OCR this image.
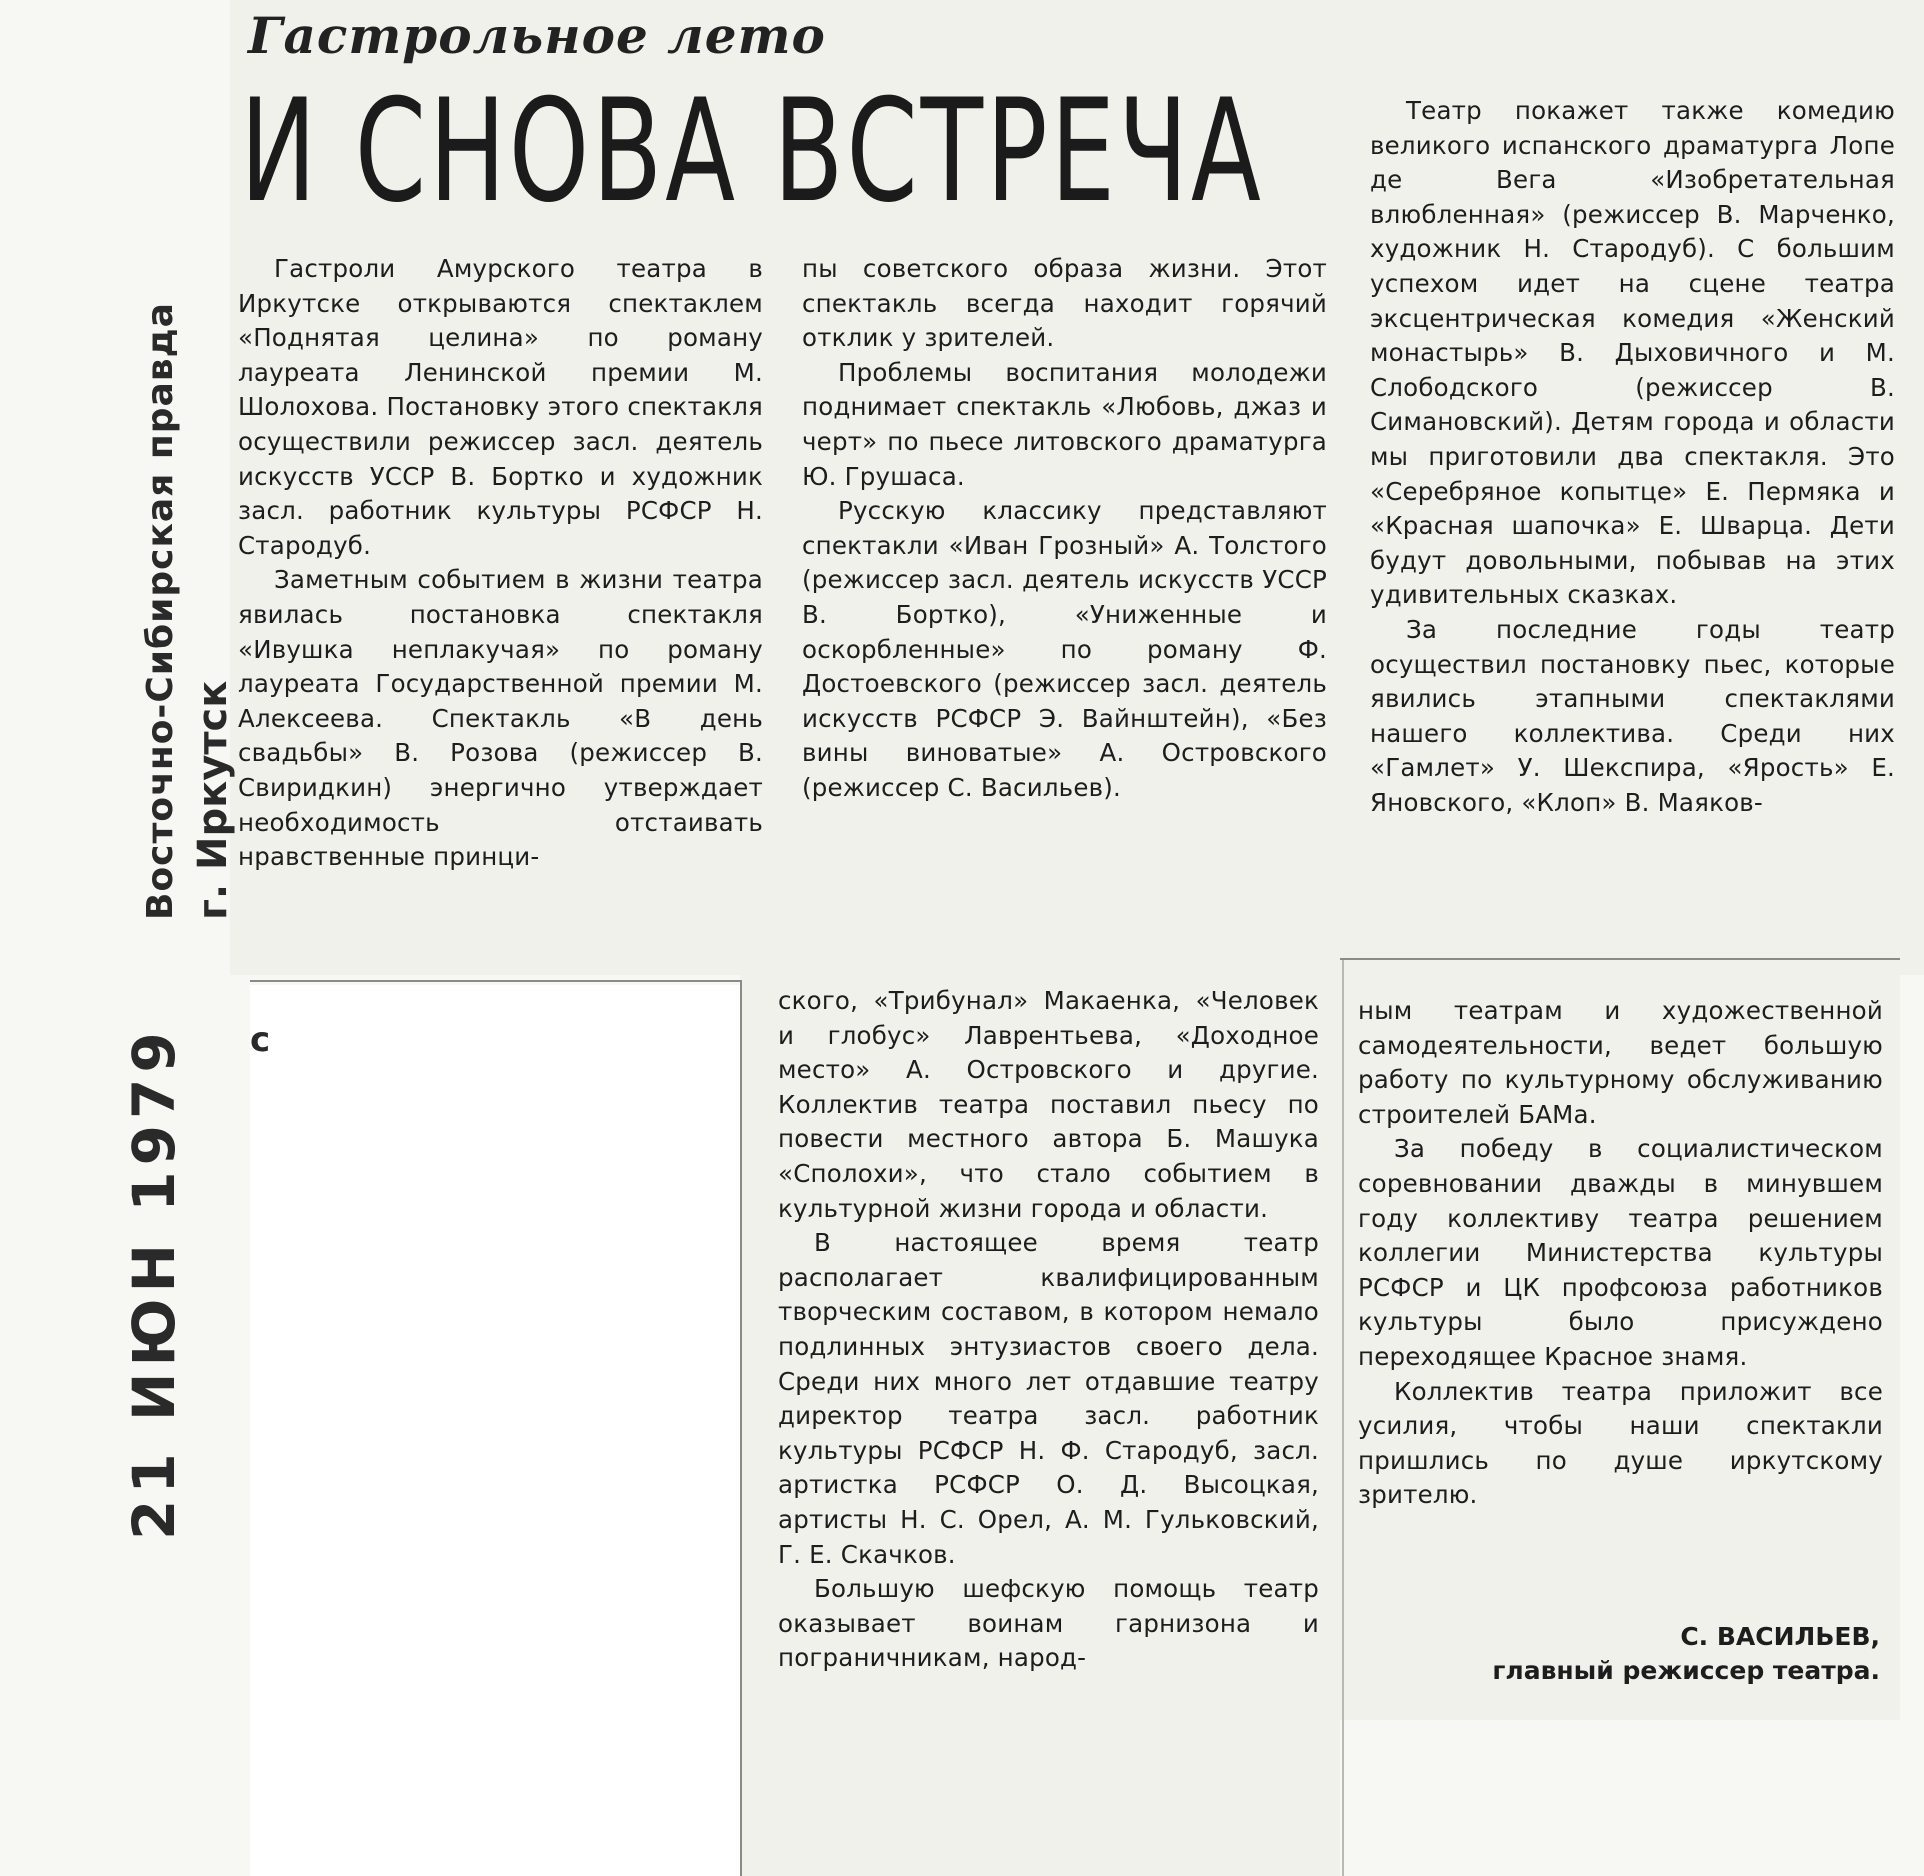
Гастрольное лето
И СНОВА ВСТРЕЧА

Гастроли Амурского театра в Иркутске открываются спектаклем «Поднятая целина» по роману лауреата Ленинской премии М. Шолохова. Постановку этого спектакля осуществили режиссер засл. деятель искусств УССР В. Бортко и художник засл. работник культуры РСФСР Н. Стародуб.

Заметным событием в жизни театра явилась постановка спектакля «Ивушка неплакучая» по роману лауреата Государственной премии М. Алексеева. Спектакль «В день свадьбы» В. Розова (режиссер В. Свиридкин) энергично утверждает необходимость отстаивать нравственные принци-

пы советского образа жизни. Этот спектакль всегда находит горячий отклик у зрителей.

Проблемы воспитания молодежи поднимает спектакль «Любовь, джаз и черт» по пьесе литовского драматурга Ю. Грушаса.

Русскую классику представляют спектакли «Иван Грозный» А. Толстого (режиссер засл. деятель искусств УССР В. Бортко), «Униженные и оскорбленные» по роману Ф. Достоевского (режиссер засл. деятель искусств РСФСР Э. Вайнштейн), «Без вины виноватые» А. Островского (режиссер С. Васильев).

Театр покажет также комедию великого испанского драматурга Лопе де Вега «Изобретательная влюбленная» (режиссер В. Марченко, художник Н. Стародуб). С большим успехом идет на сцене театра эксцентрическая комедия «Женский монастырь» В. Дыховичного и М. Слободского (режиссер В. Симановский). Детям города и области мы приготовили два спектакля. Это «Серебряное копытце» Е. Пермяка и «Красная шапочка» Е. Шварца. Дети будут довольными, побывав на этих удивительных сказках.

За последние годы театр осуществил постановку пьес, которые явились этапными спектаклями нашего коллектива. Среди них «Гамлет» У. Шекспира, «Ярость» Е. Яновского, «Клоп» В. Маяков-

ского, «Трибунал» Макаенка, «Человек и глобус» Лаврентьева, «Доходное место» А. Островского и другие. Коллектив театра поставил пьесу по повести местного автора Б. Машука «Сполохи», что стало событием в культурной жизни города и области.

В настоящее время театр располагает квалифицированным творческим составом, в котором немало подлинных энтузиастов своего дела. Среди них много лет отдавшие театру директор театра засл. работник культуры РСФСР Н. Ф. Стародуб, засл. артистка РСФСР О. Д. Высоцкая, артисты Н. С. Орел, А. М. Гульковский, Г. Е. Скачков.

Большую шефскую помощь театр оказывает воинам гарнизона и пограничникам, народ-

ным театрам и художественной самодеятельности, ведет большую работу по культурному обслуживанию строителей БАМа.

За победу в социалистическом соревновании дважды в минувшем году коллективу театра решением коллегии Министерства культуры РСФСР и ЦК профсоюза работников культуры было присуждено переходящее Красное знамя.

Коллектив театра приложит все усилия, чтобы наши спектакли пришлись по душе иркутскому зрителю.

С. ВАСИЛЬЕВ,
главный режиссер театра.
21 ИЮН 1979
Восточно-Сибирская правда г. Иркутск
с
